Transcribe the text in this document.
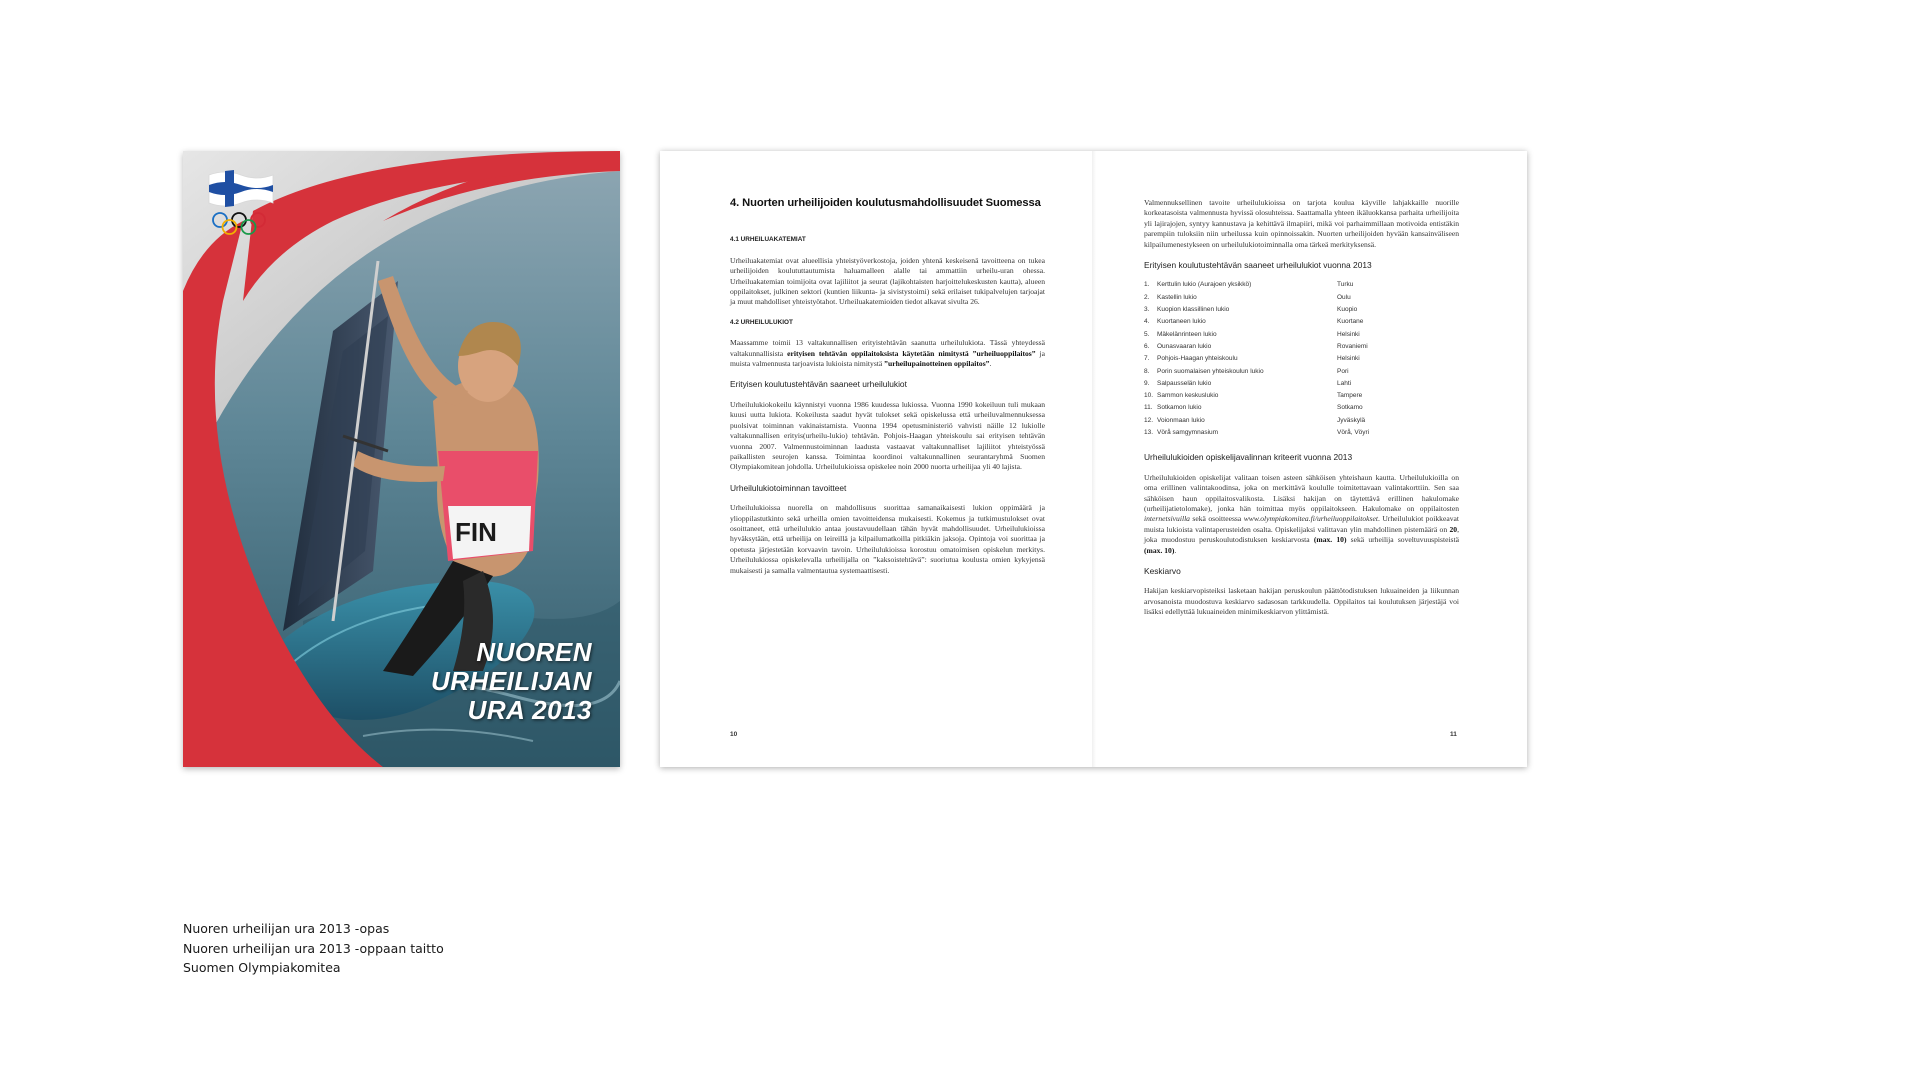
FIN
NUOREN
URHEILIJAN
URA 2013
4. Nuorten urheilijoiden koulutusmahdollisuudet Suomessa
4.1 URHEILUAKATEMIAT

Urheiluakatemiat ovat alueellisia yhteistyöverkostoja, joiden yhtenä keskeisenä tavoitteena on tukea urheilijoiden koulututtautumista haluamalleen alalle tai ammattiin urheilu-uran ohessa. Urheiluakatemian toimijoita ovat lajiliitot ja seurat (lajikohtaisten harjoittelukeskusten kautta), alueen oppilaitokset, julkinen sektori (kuntien liikunta- ja sivistystoimi) sekä erilaiset tukipalvelujen tarjoajat ja muut mahdolliset yhteistyötahot. Urheiluakatemioiden tiedot alkavat sivulta 26.

4.2 URHEILULUKIOT

Maassamme toimii 13 valtakunnallisen erityistehtävän saanutta urheilulukiota. Tässä yhteydessä valtakunnallisista erityisen tehtävän oppilaitoksista käytetään nimitystä ”urheiluoppilaitos” ja muista valmennusta tarjoavista lukioista nimitystä ”urheilupainotteinen oppilaitos”.

Erityisen koulutustehtävän saaneet urheilulukiot

Urheilulukiokokeilu käynnistyi vuonna 1986 kuudessa lukiossa. Vuonna 1990 kokeiluun tuli mukaan kuusi uutta lukiota. Kokeilusta saadut hyvät tulokset sekä opiskelussa että urheiluvalmennuksessa puolsivat toiminnan vakinaistamista. Vuonna 1994 opetusministeriö vahvisti näille 12 lukiolle valtakunnallisen erityis(urheilu-lukio) tehtävän. Pohjois-Haagan yhteiskoulu sai erityisen tehtävän vuonna 2007. Valmennustoiminnan laadusta vastaavat valtakunnalliset lajiliitot yhteistyössä paikallisten seurojen kanssa. Toimintaa koordinoi valtakunnallinen seurantaryhmä Suomen Olympiakomitean johdolla. Urheilulukioissa opiskelee noin 2000 nuorta urheilijaa yli 40 lajista.

Urheilulukiotoiminnan tavoitteet

Urheilulukioissa nuorella on mahdollisuus suorittaa samanaikaisesti lukion oppimäärä ja ylioppilastutkinto sekä urheilla omien tavoitteidensa mukaisesti. Kokemus ja tutkimustulokset ovat osoittaneet, että urheilulukio antaa joustavuudellaan tähän hyvät mahdollisuudet. Urheilulukioissa hyväksytään, että urheilija on leireillä ja kilpailumatkoilla pitkiäkin jaksoja. Opintoja voi suorittaa ja opetusta järjestetään korvaavin tavoin. Urheilulukioissa korostuu omatoimisen opiskelun merkitys. Urheilulukiossa opiskelevalla urheilijalla on ”kaksoistehtävä”: suoriutua koulusta omien kykyjensä mukaisesti ja samalla valmentautua systemaattisesti.

10

Valmennuksellinen tavoite urheilulukioissa on tarjota koulua käyville lahjakkaille nuorille korkeatasoista valmennusta hyvissä olosuhteissa. Saattamalla yhteen ikäluokkansa parhaita urheilijoita yli lajirajojen, syntyy kannustava ja kehittävä ilmapiiri, mikä voi parhaimmillaan motivoida entistäkin parempiin tuloksiin niin urheilussa kuin opinnoissakin. Nuorten urheilijoiden hyvään kansainväliseen kilpailumenestykseen on urheilulukiotoiminnalla oma tärkeä merkityksensä.

Erityisen koulutustehtävän saaneet urheilulukiot vuonna 2013
1.	Kerttulin lukio (Aurajoen yksikkö)	Turku
2.	Kastellin lukio	Oulu
3.	Kuopion klassillinen lukio	Kuopio
4.	Kuortaneen lukio	Kuortane
5.	Mäkelänrinteen lukio	Helsinki
6.	Ounasvaaran lukio	Rovaniemi
7.	Pohjois-Haagan yhteiskoulu	Helsinki
8.	Porin suomalaisen yhteiskoulun lukio	Pori
9.	Salpausselän lukio	Lahti
10.	Sammon keskuslukio	Tampere
11.	Sotkamon lukio	Sotkamo
12.	Voionmaan lukio	Jyväskylä
13.	Vörå samgymnasium	Vörå, Vöyri
Urheilulukioiden opiskelijavalinnan kriteerit vuonna 2013

Urheilulukioiden opiskelijat valitaan toisen asteen sähköisen yhteishaun kautta. Urheilulukioilla on oma erillinen valintakoodinsa, joka on merkittävä koululle toimitettavaan valintakorttiin. Sen saa sähköisen haun oppilaitosvalikosta. Lisäksi hakijan on täytettävä erillinen hakulomake (urheilijatietolomake), jonka hän toimittaa myös oppilaitokseen. Hakulomake on oppilaitosten internetsivuilla sekä osoitteessa www.olympiakomitea.fi/urheiluoppilaitokset. Urheilulukiot poikkeavat muista lukioista valintaperusteiden osalta. Opiskelijaksi valittavan ylin mahdollinen pistemäärä on 20, joka muodostuu peruskoulutodistuksen keskiarvosta (max. 10) sekä urheilija soveltuvuuspisteistä (max. 10).

Keskiarvo

Hakijan keskiarvopisteiksi lasketaan hakijan peruskoulun päättötodistuksen lukuaineiden ja liikunnan arvosanoista muodostuva keskiarvo sadasosan tarkkuudella. Oppilaitos tai koulutuksen järjestäjä voi lisäksi edellyttää lukuaineiden minimikeskiarvon ylittämistä.

11
Nuoren urheilijan ura 2013 -opas
Nuoren urheilijan ura 2013 -oppaan taitto
Suomen Olympiakomitea
